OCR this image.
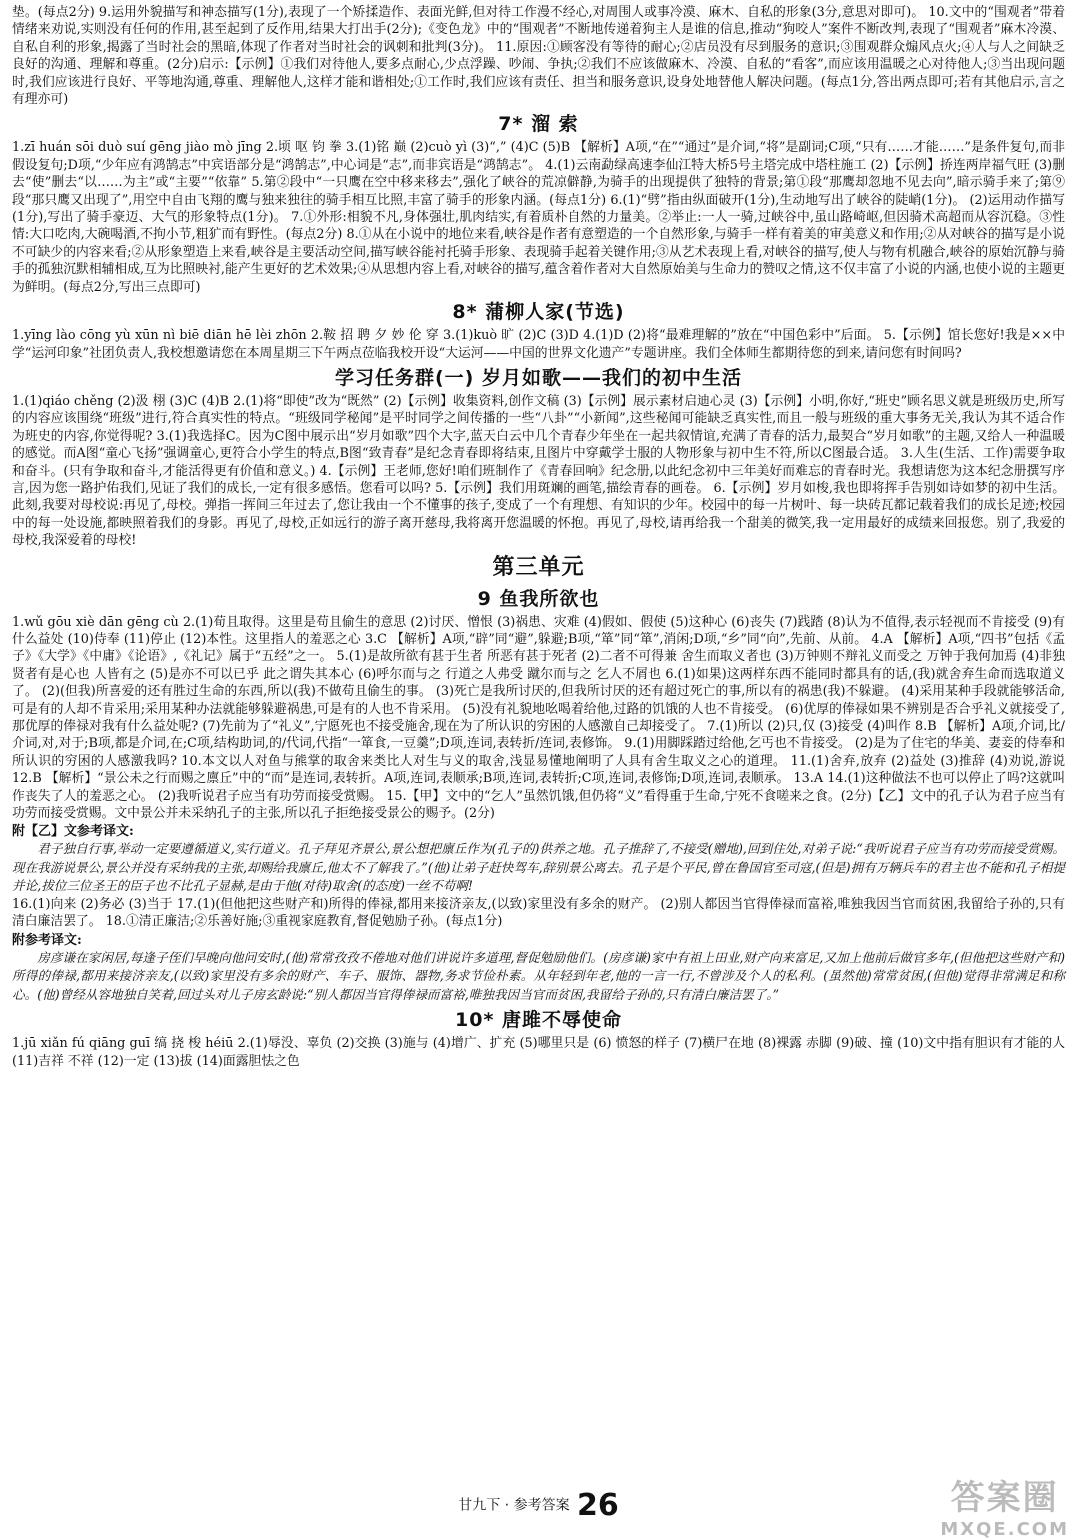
垫。(每点2分) 9.运用外貌描写和神态描写(1分),表现了一个矫揉造作、表面光鲜,但对待工作漫不经心,对周围人或事冷漠、麻木、自私的形象(3分,意思对即可)。 10.文中的“围观者”带着情绪来劝说,实则没有任何的作用,甚至起到了反作用,结果大打出手(2分);《变色龙》中的“围观者”不断地传递着狗主人是谁的信息,推动“狗咬人”案件不断改判,表现了“围观者”麻木冷漠、自私自利的形象,揭露了当时社会的黑暗,体现了作者对当时社会的讽刺和批判(3分)。 11.原因:①顾客没有等待的耐心;②店员没有尽到服务的意识;③围观群众煽风点火;④人与人之间缺乏良好的沟通、理解和尊重。(2分)启示:【示例】①我们对待他人,要多点耐心,少点浮躁、吵闹、争执;②我们不应该做麻木、冷漠、自私的“看客”,而应该用温暖之心对待他人;③当出现问题时,我们应该进行良好、平等地沟通,尊重、理解他人,这样才能和谐相处;①工作时,我们应该有责任、担当和服务意识,设身处地替他人解决问题。(每点1分,答出两点即可;若有其他启示,言之有理亦可)

7* 溜 索

1.zī huán sōi duò suí gēng jiào mò jīng 2.顷 呕 钧 拳 3.(1)铭 巅 (2)cuò yì (3)“,” (4)C (5)B 【解析】A项,“在”“通过”是介词,“将”是副词;C项,“只有……才能……”是条件复句,而非假设复句;D项,“少年应有鸿鹄志”中宾语部分是“鸿鹄志”,中心词是“志”,而非宾语是“鸿鹄志”。 4.(1)云南勐绿高速李仙江特大桥5号主塔完成中塔柱施工 (2)【示例】挢连两岸福气旺 (3)删去“使”删去“以……为主”或“主要”“依靠” 5.第②段中“一只鹰在空中移来移去”,强化了峡谷的荒凉僻静,为骑手的出现提供了独特的背景;第①段“那鹰却忽地不见去向”,暗示骑手来了;第⑨段“那只鹰又出现了”,用空中自由飞翔的鹰与独来独往的骑手相互比照,丰富了骑手的形象内涵。(每点1分) 6.(1)“劈”指由纵面破开(1分),生动地写出了峡谷的陡峭(1分)。 (2)运用动作描写(1分),写出了骑手豪迈、大气的形象特点(1分)。 7.①外形:相貌不凡,身体强壮,肌肉结实,有着质朴自然的力量美。②举止:一人一骑,过峡谷中,虽山路崎岖,但因骑术高超而从容沉稳。③性情:大口吃肉,大碗喝酒,不拘小节,粗犷而有野性。(每点2分) 8.①从在小说中的地位来看,峡谷是作者有意塑造的一个自然形象,与骑手一样有着美的审美意义和作用;②从对峡谷的描写是小说不可缺少的内容来看;②从形象塑造上来看,峡谷是主要活动空间,描写峡谷能衬托骑手形象、表现骑手起着关键作用;③从艺术表现上看,对峡谷的描写,使人与物有机融合,峡谷的原始沉静与骑手的孤独沉默相辅相成,互为比照映衬,能产生更好的艺术效果;④从思想内容上看,对峡谷的描写,蕴含着作者对大自然原始美与生命力的赞叹之情,这不仅丰富了小说的内涵,也使小说的主题更为鲜明。(每点2分,写出三点即可)

8* 蒲柳人家(节选)

1.yīng lào cōng yù xūn nì biē diān hē lèi zhōn 2.鞍 招 聘 夕 妙 伦 穿 3.(1)kuò 旷 (2)C (3)D 4.(1)D (2)将“最难理解的”放在“中国色彩中”后面。 5.【示例】馆长您好!我是××中学“运河印象”社团负责人,我校想邀请您在本周星期三下午两点莅临我校开设“大运河——中国的世界文化遗产”专题讲座。我们全体师生都期待您的到来,请问您有时间吗?

学习任务群(一) 岁月如歌——我们的初中生活

1.(1)qiáo chěng (2)汲 栩 (3)C (4)B 2.(1)将“即使”改为“既然” (2)【示例】收集资料,创作文稿 (3)【示例】展示素材启迪心灵 (3)【示例】小明,你好,“班史”顾名思义就是班级历史,所写的内容应该围绕“班级”进行,符合真实性的特点。“班级同学秘闻”是平时同学之间传播的一些“八卦”“小新闻”,这些秘闻可能缺乏真实性,而且一般与班级的重大事务无关,我认为其不适合作为班史的内容,你觉得呢? 3.(1)我选择C。因为C图中展示出“岁月如歌”四个大字,蓝天白云中几个青春少年坐在一起共叙情谊,充满了青春的活力,最契合“岁月如歌”的主题,又给人一种温暖的感觉。而A图“童心飞扬”强调童心,更符合小学生的特点,B图“致青春”是纪念青春即将结束,且图片中穿戴学士服的人物形象与初中生不符,所以C图最合适。 3.人生(生活、工作)需要争取和奋斗。(只有争取和奋斗,才能活得更有价值和意义。) 4.【示例】王老师,您好!咱们班制作了《青春回响》纪念册,以此纪念初中三年美好而难忘的青春时光。我想请您为这本纪念册撰写序言,因为您一路护佑我们,见证了我们的成长,一定有很多感悟。您看可以吗? 5.【示例】我们用斑斓的画笔,描绘青春的画卷。 6.【示例】岁月如梭,我也即将挥手告别如诗如梦的初中生活。此刻,我要对母校说:再见了,母校。弹指一挥间三年过去了,您让我由一个不懂事的孩子,变成了一个有理想、有知识的少年。校园中的每一片树叶、每一块砖瓦都记载着我们的成长足迹;校园中的每一处设施,都映照着我们的身影。再见了,母校,正如远行的游子离开慈母,我将离开您温暖的怀抱。再见了,母校,请再给我一个甜美的微笑,我一定用最好的成绩来回报您。别了,我爱的母校,我深爱着的母校!

第三单元
9 鱼我所欲也

1.wǔ gōu xiè dān gēng cù 2.(1)荀且取得。这里是苟且偷生的意思 (2)讨厌、憎恨 (3)祸患、灾难 (4)假如、假使 (5)这种心 (6)丧失 (7)践踏 (8)认为不值得,表示轻视而不肯接受 (9)有什么益处 (10)侍奉 (11)停止 (12)本性。这里指人的羞恶之心 3.C 【解析】A项,“辟”同“避”,躲避;B项,“箪”同“箪”,消闲;D项,“乡”同“向”,先前、从前。 4.A 【解析】A项,“四书”包括《孟子》《大学》《中庸》《论语》,《礼记》属于“五经”之一。 5.(1)是故所欲有甚于生者 所恶有甚于死者 (2)二者不可得兼 舍生而取义者也 (3)万钟则不辩礼义而受之 万钟于我何加焉 (4)非独贤者有是心也 人皆有之 (5)是亦不可以已乎 此之谓失其本心 (6)呼尔而与之 行道之人弗受 蹴尔而与之 乞人不屑也 6.(1)如果)这两样东西不能同时都具有的话,(我)就舍弃生命而选取道义了。 (2)(但我)所喜爱的还有胜过生命的东西,所以(我)不做苟且偷生的事。 (3)死亡是我所讨厌的,但我所讨厌的还有超过死亡的事,所以有的祸患(我)不躲避。 (4)采用某种手段就能够活命,可是有的人却不肯采用;采用某种办法就能够躲避祸患,可是有的人也不肯采用。 (5)没有礼貌地吆喝着给他,过路的饥饿的人也不肯接受。 (6)优厚的俸禄如果不辨别是否合乎礼义就接受了,那优厚的俸禄对我有什么益处呢? (7)先前为了“礼义”,宁愿死也不接受施舍,现在为了所认识的穷困的人感激自己却接受了。 7.(1)所以 (2)只,仅 (3)接受 (4)叫作 8.B 【解析】A项,介词,比/介词,对,对于;B项,都是介词,在;C项,结构助词,的/代词,代指“一箪食,一豆羹”;D项,连词,表转折/连词,表修饰。 9.(1)用脚踩踏过给他,乞丐也不肯接受。 (2)是为了住宅的华美、妻妾的侍奉和所认识的穷困的人感激我吗? 10.本文以人对鱼与熊掌的取舍来类比人对生与义的取舍,浅显易懂地阐明了人具有舍生取义之心的道理。 11.(1)舍弃,放弃 (2)益处 (3)推辞 (4)劝说,游说 12.B 【解析】“景公未之行而赐之廪丘”中的“而”是连词,表转折。A项,连词,表顺承;B项,连词,表转折;C项,连词,表修饰;D项,连词,表顺承。 13.A 14.(1)这种做法不也可以停止了吗?这就叫作丧失了人的羞恶之心。 (2)我听说君子应当有功劳而接受赏赐。 15.【甲】文中的“乞人”虽然饥饿,但仍将“义”看得重于生命,宁死不食嗟来之食。(2分)【乙】文中的孔子认为君子应当有功劳而接受赏赐。文中景公并未采纳孔子的主张,所以孔子拒绝接受景公的赐予。(2分)

附【乙】文参考译文:

君子独自行事,举动一定要遵循道义,实行道义。孔子拜见齐景公,景公想把廪丘作为(孔子的)供养之地。孔子推辞了,不接受(赠地),回到住处,对弟子说:“我听说君子应当有功劳而接受赏赐。现在我游说景公,景公并没有采纳我的主张,却赐给我廪丘,他太不了解我了。”(他)让弟子赶快驾车,辞别景公离去。孔子是个平民,曾在鲁国官至司寇,(但是)拥有万辆兵车的君主也不能和孔子相提并论,拔位三位圣王的臣子也不比孔子显赫,是由于他(对待)取舍(的态度)一丝不苟啊!

16.(1)向来 (2)务必 (3)当于 17.(1)(但他把这些财产和)所得的俸禄,都用来接济亲友,(以致)家里没有多余的财产。 (2)别人都因当官得俸禄而富裕,唯独我因当官而贫困,我留给子孙的,只有清白廉洁罢了。 18.①清正廉洁;②乐善好施;③重视家庭教育,督促勉励子孙。(每点1分)

附参考译文:

房彦谦在家闲居,每逢子侄们早晚向他问安时,(他)常常孜孜不倦地对他们讲说许多道理,督促勉励他们。(房彦谦)家中有祖上田业,财产向来富足,又加上他前后做官多年,(但他把这些财产和)所得的俸禄,都用来接济亲友,(以致)家里没有多余的财产、车子、服饰、器物,务求节俭朴素。从年轻到年老,他的一言一行,不曾涉及个人的私利。(虽然他)常常贫困,(但他)觉得非常满足和称心。(他)曾经从容地独自笑着,回过头对儿子房玄龄说:“别人都因当官得俸禄而富裕,唯独我因当官而贫困,我留给子孙的,只有清白廉洁罢了。”

10* 唐雎不辱使命

1.jū xiǎn fú qiāng guī 缟 挠 梭 héiū 2.(1)辱没、辜负 (2)交换 (3)施与 (4)增广、扩充 (5)哪里只是 (6) 愤怒的样子 (7)横尸在地 (8)裸露 赤脚 (9)破、撞 (10)文中指有胆识有才能的人 (11)吉祥 不祥 (12)一定 (13)拔 (14)面露胆怯之色

甘九下 · 参考答案 26	答案圈
MXQE.COM
